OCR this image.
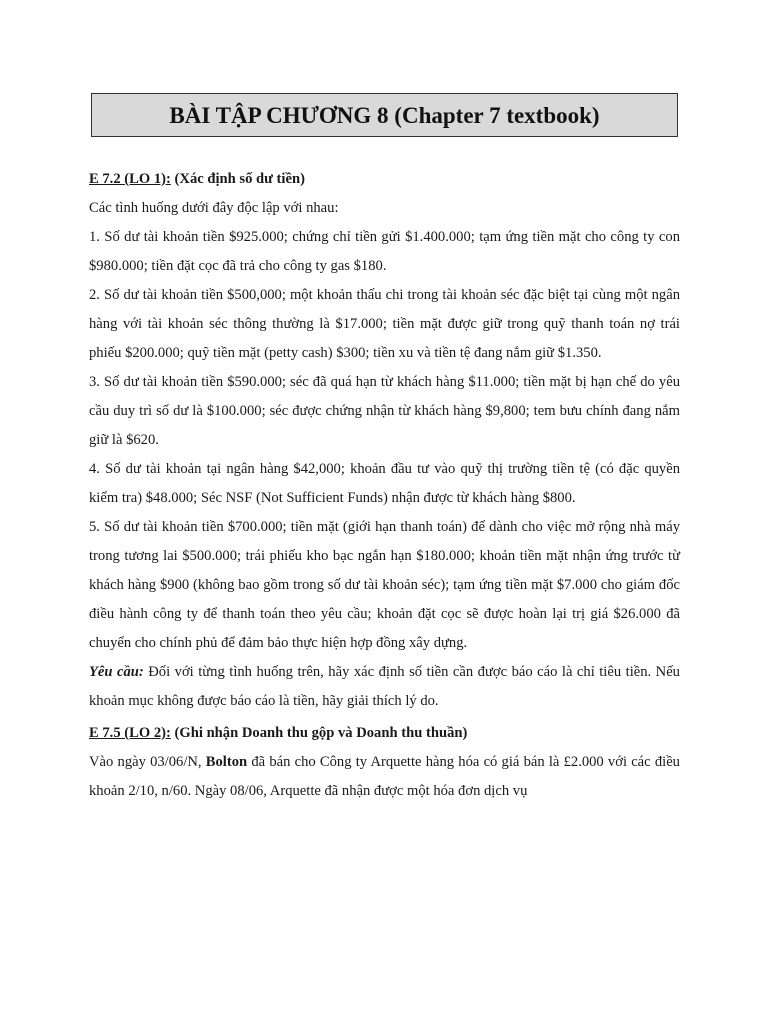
BÀI TẬP CHƯƠNG 8 (Chapter 7 textbook)

E 7.2 (LO 1): (Xác định số dư tiền)

Các tình huống dưới đây độc lập với nhau:

1. Số dư tài khoản tiền $925.000; chứng chỉ tiền gửi $1.400.000; tạm ứng tiền mặt cho công ty con $980.000; tiền đặt cọc đã trả cho công ty gas $180.

2. Số dư tài khoản tiền $500,000; một khoản thấu chi trong tài khoản séc đặc biệt tại cùng một ngân hàng với tài khoản séc thông thường là $17.000; tiền mặt được giữ trong quỹ thanh toán nợ trái phiếu $200.000; quỹ tiền mặt (petty cash) $300; tiền xu và tiền tệ đang nắm giữ $1.350.

3. Số dư tài khoản tiền $590.000; séc đã quá hạn từ khách hàng $11.000; tiền mặt bị hạn chế do yêu cầu duy trì số dư là $100.000; séc được chứng nhận từ khách hàng $9,800; tem bưu chính đang nắm giữ là $620.

4. Số dư tài khoản tại ngân hàng $42,000; khoản đầu tư vào quỹ thị trường tiền tệ (có đặc quyền kiểm tra) $48.000; Séc NSF (Not Sufficient Funds) nhận được từ khách hàng $800.

5. Số dư tài khoản tiền $700.000; tiền mặt (giới hạn thanh toán) để dành cho việc mở rộng nhà máy trong tương lai $500.000; trái phiếu kho bạc ngắn hạn $180.000; khoản tiền mặt nhận ứng trước từ khách hàng $900 (không bao gồm trong số dư tài khoản séc); tạm ứng tiền mặt $7.000 cho giám đốc điều hành công ty để thanh toán theo yêu cầu; khoản đặt cọc sẽ được hoàn lại trị giá $26.000 đã chuyển cho chính phủ để đảm bảo thực hiện hợp đồng xây dựng.

Yêu cầu: Đối với từng tình huống trên, hãy xác định số tiền cần được báo cáo là chỉ tiêu tiền. Nếu khoản mục không được báo cáo là tiền, hãy giải thích lý do.

E 7.5 (LO 2): (Ghi nhận Doanh thu gộp và Doanh thu thuần)

Vào ngày 03/06/N, Bolton đã bán cho Công ty Arquette hàng hóa có giá bán là £2.000 với các điều khoản 2/10, n/60. Ngày 08/06, Arquette đã nhận được một hóa đơn dịch vụ
